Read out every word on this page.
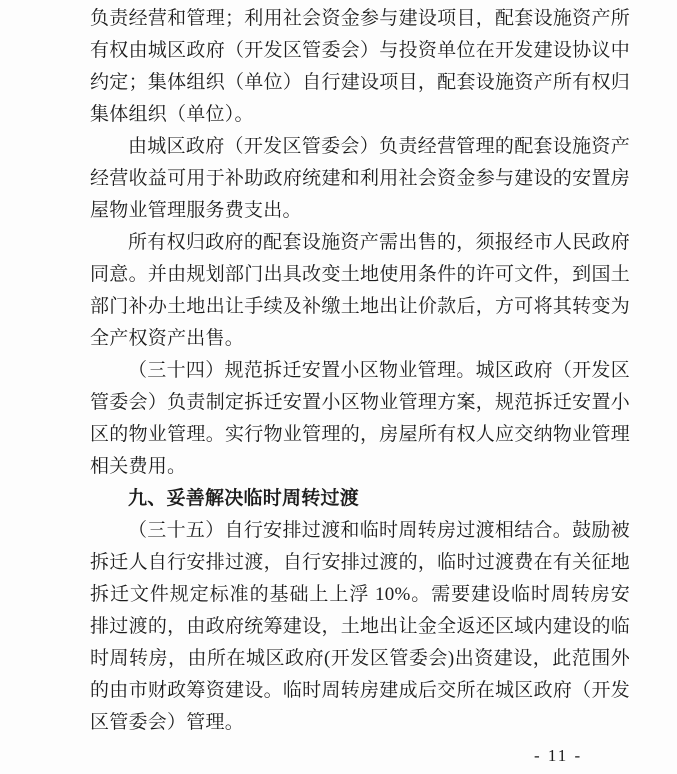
负责经营和管理；利用社会资金参与建设项目，配套设施资产所有权由城区政府（开发区管委会）与投资单位在开发建设协议中约定；集体组织（单位）自行建设项目，配套设施资产所有权归集体组织（单位）。

由城区政府（开发区管委会）负责经营管理的配套设施资产经营收益可用于补助政府统建和利用社会资金参与建设的安置房屋物业管理服务费支出。

所有权归政府的配套设施资产需出售的，须报经市人民政府同意。并由规划部门出具改变土地使用条件的许可文件，到国土部门补办土地出让手续及补缴土地出让价款后，方可将其转变为全产权资产出售。

（三十四）规范拆迁安置小区物业管理。城区政府（开发区管委会）负责制定拆迁安置小区物业管理方案，规范拆迁安置小区的物业管理。实行物业管理的，房屋所有权人应交纳物业管理相关费用。

九、妥善解决临时周转过渡

（三十五）自行安排过渡和临时周转房过渡相结合。鼓励被拆迁人自行安排过渡，自行安排过渡的，临时过渡费在有关征地拆迁文件规定标准的基础上上浮 10%。需要建设临时周转房安排过渡的，由政府统筹建设，土地出让金全返还区域内建设的临时周转房，由所在城区政府(开发区管委会)出资建设，此范围外的由市财政筹资建设。临时周转房建成后交所在城区政府（开发区管委会）管理。

- 11 -
